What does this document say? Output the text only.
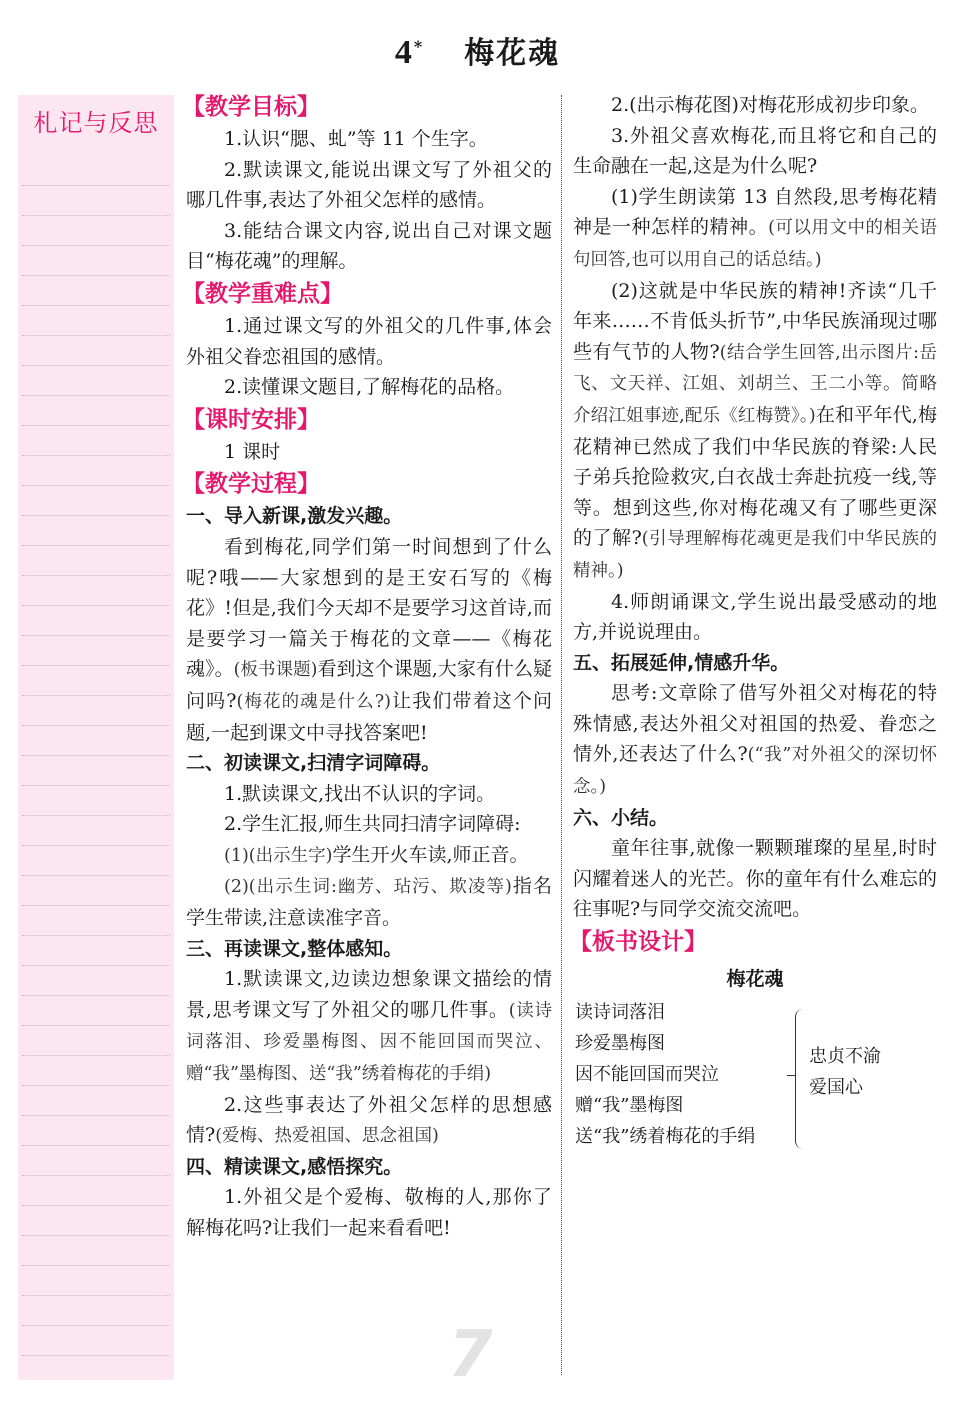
4* 梅花魂
札记与反思
【教学目标】

1.认识“腮、虬”等 11 个生字。

2.默读课文,能说出课文写了外祖父的哪几件事,表达了外祖父怎样的感情。

3.能结合课文内容,说出自己对课文题目“梅花魂”的理解。

【教学重难点】

1.通过课文写的外祖父的几件事,体会外祖父眷恋祖国的感情。

2.读懂课文题目,了解梅花的品格。

【课时安排】

1 课时

【教学过程】
一、导入新课,激发兴趣。

看到梅花,同学们第一时间想到了什么呢?哦——大家想到的是王安石写的《梅花》!但是,我们今天却不是要学习这首诗,而是要学习一篇关于梅花的文章——《梅花魂》。(板书课题)看到这个课题,大家有什么疑问吗?(梅花的魂是什么?)让我们带着这个问题,一起到课文中寻找答案吧!

二、初读课文,扫清字词障碍。

1.默读课文,找出不认识的字词。

2.学生汇报,师生共同扫清字词障碍:

(1)(出示生字)学生开火车读,师正音。

(2)(出示生词:幽芳、玷污、欺凌等)指名学生带读,注意读准字音。

三、再读课文,整体感知。

1.默读课文,边读边想象课文描绘的情景,思考课文写了外祖父的哪几件事。(读诗词落泪、珍爱墨梅图、因不能回国而哭泣、赠“我”墨梅图、送“我”绣着梅花的手绢)

2.这些事表达了外祖父怎样的思想感情?(爱梅、热爱祖国、思念祖国)

四、精读课文,感悟探究。

1.外祖父是个爱梅、敬梅的人,那你了解梅花吗?让我们一起来看看吧!

2.(出示梅花图)对梅花形成初步印象。

3.外祖父喜欢梅花,而且将它和自己的生命融在一起,这是为什么呢?

(1)学生朗读第 13 自然段,思考梅花精神是一种怎样的精神。(可以用文中的相关语句回答,也可以用自己的话总结。)

(2)这就是中华民族的精神!齐读“几千年来……不肯低头折节”,中华民族涌现过哪些有气节的人物?(结合学生回答,出示图片:岳飞、文天祥、江姐、刘胡兰、王二小等。简略介绍江姐事迹,配乐《红梅赞》。)在和平年代,梅花精神已然成了我们中华民族的脊梁:人民子弟兵抢险救灾,白衣战士奔赴抗疫一线,等等。想到这些,你对梅花魂又有了哪些更深的了解?(引导理解梅花魂更是我们中华民族的精神。)

4.师朗诵课文,学生说出最受感动的地方,并说说理由。

五、拓展延伸,情感升华。

思考:文章除了借写外祖父对梅花的特殊情感,表达外祖父对祖国的热爱、眷恋之情外,还表达了什么?(“我”对外祖父的深切怀念。)

六、小结。

童年往事,就像一颗颗璀璨的星星,时时闪耀着迷人的光芒。你的童年有什么难忘的往事呢?与同学交流交流吧。

【板书设计】
梅花魂
读诗词落泪
珍爱墨梅图
因不能回国而哭泣
赠“我”墨梅图
送“我”绣着梅花的手绢
忠贞不渝
爱国心
7
